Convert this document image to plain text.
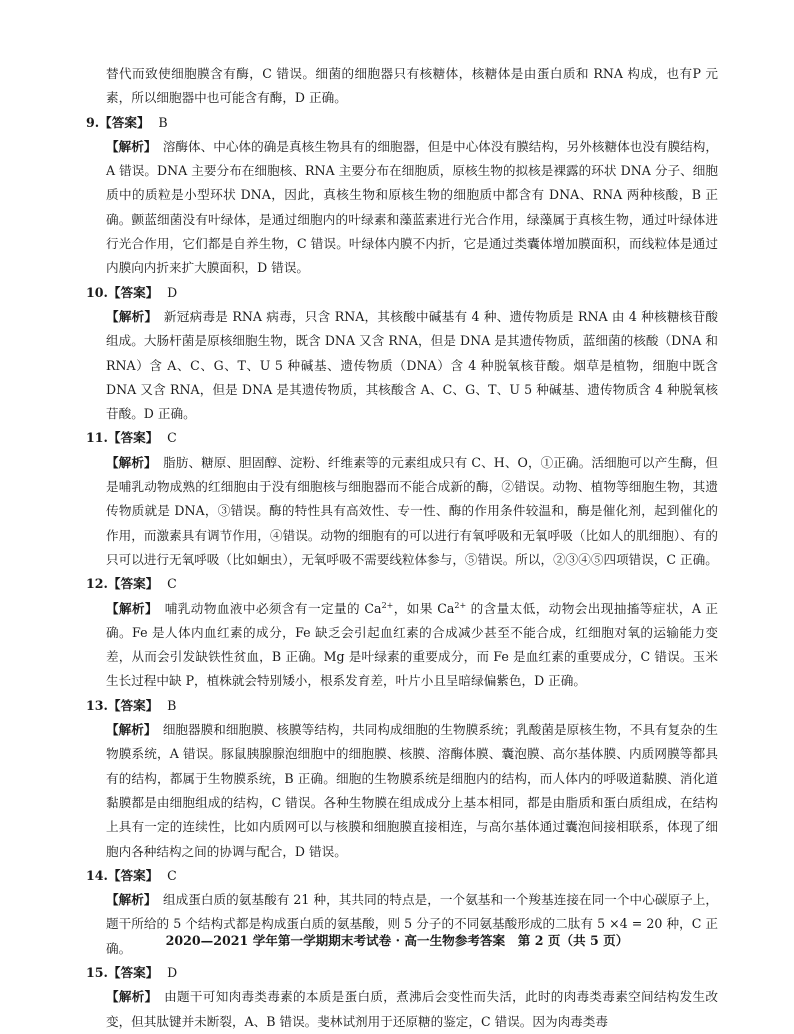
替代而致使细胞膜含有酶，C 错误。细菌的细胞器只有核糖体，核糖体是由蛋白质和 RNA 构成，也有P 元素，所以细胞器中也可能含有酶，D 正确。

9.【答案】 B

【解析】　 溶酶体、中心体的确是真核生物具有的细胞器，但是中心体没有膜结构，另外核糖体也没有膜结构，A 错误。DNA 主要分布在细胞核、RNA 主要分布在细胞质，原核生物的拟核是裸露的环状 DNA 分子、细胞质中的质粒是小型环状 DNA，因此，真核生物和原核生物的细胞质中都含有 DNA、RNA 两种核酸，B 正确。颤蓝细菌没有叶绿体，是通过细胞内的叶绿素和藻蓝素进行光合作用，绿藻属于真核生物，通过叶绿体进行光合作用，它们都是自养生物，C 错误。叶绿体内膜不内折，它是通过类囊体增加膜面积，而线粒体是通过内膜向内折来扩大膜面积，D 错误。

10.【答案】 D

【解析】　 新冠病毒是 RNA 病毒，只含 RNA，其核酸中碱基有 4 种、遗传物质是 RNA 由 4 种核糖核苷酸组成。大肠杆菌是原核细胞生物，既含 DNA 又含 RNA，但是 DNA 是其遗传物质，蓝细菌的核酸（DNA 和 RNA）含 A、C、G、T、U 5 种碱基、遗传物质（DNA）含 4 种脱氧核苷酸。烟草是植物，细胞中既含 DNA 又含 RNA，但是 DNA 是其遗传物质，其核酸含 A、C、G、T、U 5 种碱基、遗传物质含 4 种脱氧核苷酸。D 正确。

11.【答案】 C

【解析】　 脂肪、糖原、胆固醇、淀粉、纤维素等的元素组成只有 C、H、O，①正确。活细胞可以产生酶，但是哺乳动物成熟的红细胞由于没有细胞核与细胞器而不能合成新的酶，②错误。动物、植物等细胞生物，其遗传物质就是 DNA，③错误。酶的特性具有高效性、专一性、酶的作用条件较温和，酶是催化剂，起到催化的作用，而激素具有调节作用，④错误。动物的细胞有的可以进行有氧呼吸和无氧呼吸（比如人的肌细胞）、有的只可以进行无氧呼吸（比如蛔虫），无氧呼吸不需要线粒体参与，⑤错误。所以，②③④⑤四项错误，C 正确。

12.【答案】 C

【解析】　 哺乳动物血液中必须含有一定量的 $Ca^{2+}$，如果 $Ca^{2+}$ 的含量太低，动物会出现抽搐等症状，A 正确。Fe 是人体内血红素的成分，Fe 缺乏会引起血红素的合成减少甚至不能合成，红细胞对氧的运输能力变差，从而会引发缺铁性贫血，B 正确。Mg 是叶绿素的重要成分，而 Fe 是血红素的重要成分，C 错误。玉米生长过程中缺 P，植株就会特别矮小，根系发育差，叶片小且呈暗绿偏紫色，D 正确。

13.【答案】 B

【解析】　 细胞器膜和细胞膜、核膜等结构，共同构成细胞的生物膜系统；乳酸菌是原核生物，不具有复杂的生物膜系统，A 错误。豚鼠胰腺腺泡细胞中的细胞膜、核膜、溶酶体膜、囊泡膜、高尔基体膜、内质网膜等都具有的结构，都属于生物膜系统，B 正确。细胞的生物膜系统是细胞内的结构，而人体内的呼吸道黏膜、消化道黏膜都是由细胞组成的结构，C 错误。各种生物膜在组成成分上基本相同，都是由脂质和蛋白质组成，在结构上具有一定的连续性，比如内质网可以与核膜和细胞膜直接相连，与高尔基体通过囊泡间接相联系，体现了细胞内各种结构之间的协调与配合，D 错误。

14.【答案】 C

【解析】　 组成蛋白质的氨基酸有 21 种，其共同的特点是，一个氨基和一个羧基连接在同一个中心碳原子上，题干所给的 5 个结构式都是构成蛋白质的氨基酸，则 5 分子的不同氨基酸形成的二肽有 5 ×4 = 20 种，C 正确。

15.【答案】 D

【解析】　 由题干可知肉毒类毒素的本质是蛋白质，煮沸后会变性而失活，此时的肉毒类毒素空间结构发生改变，但其肽键并未断裂，A、B 错误。斐林试剂用于还原糖的鉴定，C 错误。因为肉毒类毒

2020—2021 学年第一学期期末考试卷 · 高一生物参考答案　第 2 页（共 5 页）
